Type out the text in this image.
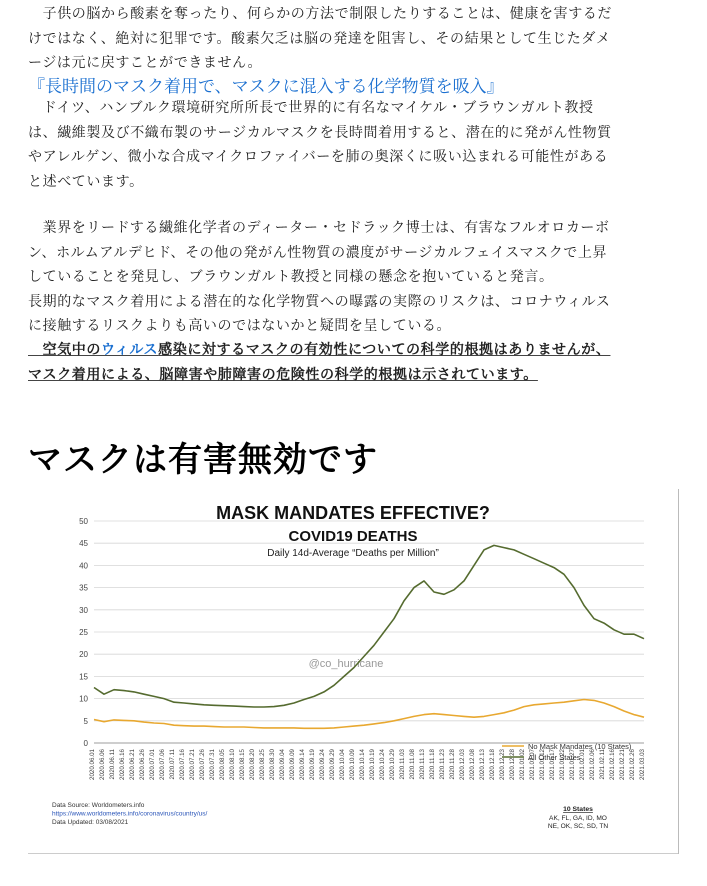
　子供の脳から酸素を奪ったり、何らかの方法で制限したりすることは、健康を害するだ
けではなく、絶対に犯罪です。酸素欠乏は脳の発達を阻害し、その結果として生じたダメ
ージは元に戻すことができません。
『長時間のマスク着用で、マスクに混入する化学物質を吸入』
　ドイツ、ハンブルク環境研究所所長で世界的に有名なマイケル・ブラウンガルト教授
は、繊維製及び不織布製のサージカルマスクを長時間着用すると、潜在的に発がん性物質
やアレルゲン、微小な合成マイクロファイバーを肺の奥深くに吸い込まれる可能性がある
と述べています。
　業界をリードする繊維化学者のディーター・セドラック博士は、有害なフルオロカーボ
ン、ホルムアルデヒド、その他の発がん性物質の濃度がサージカルフェイスマスクで上昇
していることを発見し、ブラウンガルト教授と同様の懸念を抱いていると発言。
長期的なマスク着用による潜在的な化学物質への曝露の実際のリスクは、コロナウィルス
に接触するリスクよりも高いのではないかと疑問を呈している。
　空気中のウィルス感染に対するマスクの有効性についての科学的根拠はありませんが、
マスク着用による、脳障害や肺障害の危険性の科学的根拠は示されています。
マスクは有害無効です
MASK MANDATES EFFECTIVE?
COVID19 DEATHS
Daily 14d-Average “Deaths per Million”
0
5
10
15
20
25
30
35
40
45
50
2020.06.01 2020.06.06 2020.06.11 2020.06.16 2020.06.21 2020.06.26 2020.07.01 2020.07.06 2020.07.11 2020.07.16 2020.07.21 2020.07.26 2020.07.31 2020.08.05 2020.08.10 2020.08.15 2020.08.20 2020.08.25 2020.08.30 2020.09.04 2020.09.09 2020.09.14 2020.09.19 2020.09.24 2020.09.29 2020.10.04 2020.10.09 2020.10.14 2020.10.19 2020.10.24 2020.10.29 2020.11.03 2020.11.08 2020.11.13 2020.11.18 2020.11.23 2020.11.28 2020.12.03 2020.12.08 2020.12.13 2020.12.18 2020.12.23 2020.12.28 2021.01.02 2021.01.07 2021.01.12 2021.01.17 2021.01.22 2021.01.27 2021.02.01 2021.02.06 2021.02.11 2021.02.16 2021.02.21 2021.02.26 2021.03.03
@co_hurricane
No Mask Mandates (10 States)
All Other States
Data Source: Worldometers.info
https://www.worldometers.info/coronavirus/country/us/
Data Updated: 03/08/2021
10 States
AK, FL, GA, ID, MO
NE, OK, SC, SD, TN
